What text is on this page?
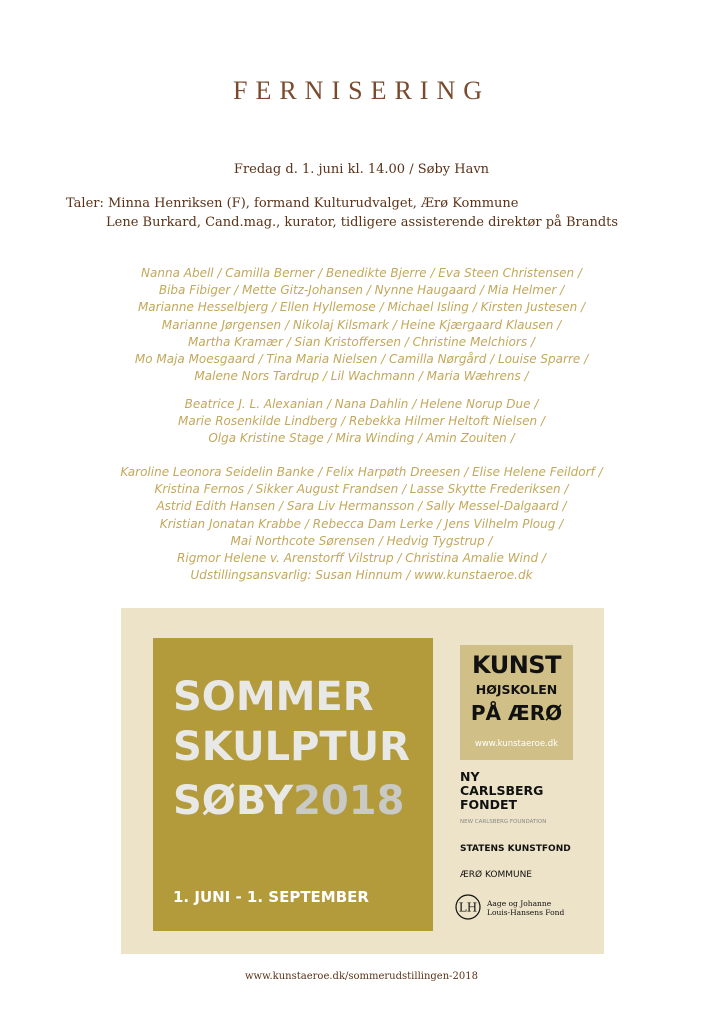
FERNISERING
Fredag d. 1. juni kl. 14.00 / Søby Havn
Taler: Minna Henriksen (F), formand Kulturudvalget, Ærø Kommune
Lene Burkard, Cand.mag., kurator, tidligere assisterende direktør på Brandts
Nanna Abell / Camilla Berner / Benedikte Bjerre / Eva Steen Christensen /
Biba Fibiger / Mette Gitz-Johansen / Nynne Haugaard / Mia Helmer /
Marianne Hesselbjerg / Ellen Hyllemose / Michael Isling / Kirsten Justesen /
Marianne Jørgensen / Nikolaj Kilsmark / Heine Kjærgaard Klausen /
Martha Kramær / Sian Kristoffersen / Christine Melchiors /
Mo Maja Moesgaard / Tina Maria Nielsen / Camilla Nørgård / Louise Sparre /
Malene Nors Tardrup / Lil Wachmann / Maria Wæhrens /
Beatrice J. L. Alexanian / Nana Dahlin / Helene Norup Due /
Marie Rosenkilde Lindberg / Rebekka Hilmer Heltoft Nielsen /
Olga Kristine Stage / Mira Winding / Amin Zouiten /
Karoline Leonora Seidelin Banke / Felix Harpøth Dreesen / Elise Helene Feildorf /
Kristina Fernos / Sikker August Frandsen / Lasse Skytte Frederiksen /
Astrid Edith Hansen / Sara Liv Hermansson / Sally Messel-Dalgaard /
Kristian Jonatan Krabbe / Rebecca Dam Lerke / Jens Vilhelm Ploug /
Mai Northcote Sørensen / Hedvig Tygstrup /
Rigmor Helene v. Arenstorff Vilstrup / Christina Amalie Wind /
Udstillingsansvarlig: Susan Hinnum / www.kunstaeroe.dk
SOMMER
SKULPTUR
SØBY2018
1. JUNI - 1. SEPTEMBER
KUNST
HØJSKOLEN
PÅ ÆRØ
www.kunstaeroe.dk
NY
CARLSBERG
FONDET
NEW CARLSBERG FOUNDATION
STATENS KUNSTFOND
ÆRØ KOMMUNE
LH Aage og Johanne
Louis-Hansens Fond
www.kunstaeroe.dk/sommerudstillingen-2018
